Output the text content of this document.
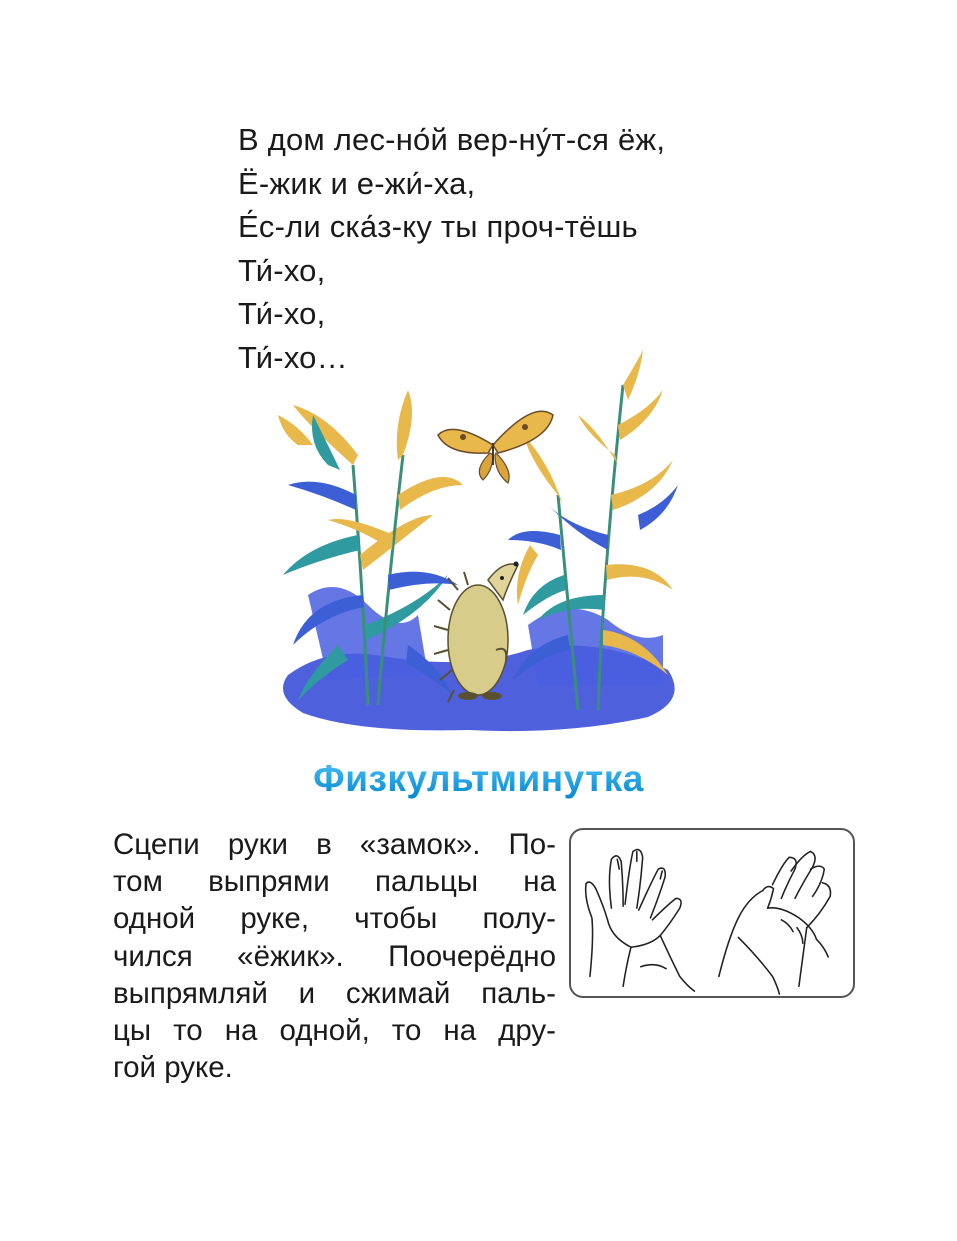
В дом лес-но́й вер-ну́т-ся ёж,
Ё-жик и е-жи́-ха,
Е́с-ли ска́з-ку ты проч-тёшь
Ти́-хо,
Ти́-хо,
Ти́-хо…
Физкультминутка
Сцепи руки в «замок». По-
том выпрями пальцы на
одной руке, чтобы полу-
чился «ёжик». Поочерёдно
выпрямляй и сжимай паль-
цы то на одной, то на дру-
гой руке.
